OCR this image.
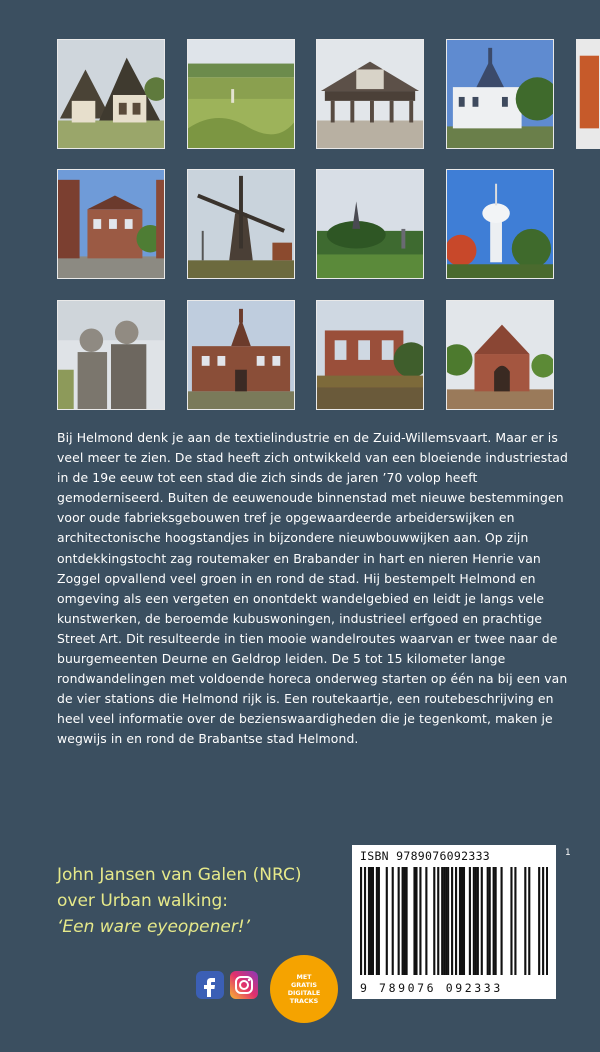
Bij Helmond denk je aan de textielindustrie en de Zuid-Willemsvaart. Maar er is veel meer te zien. De stad heeft zich ontwikkeld van een bloeiende industriestad in de 19e eeuw tot een stad die zich sinds de jaren ’70 volop heeft gemoderniseerd. Buiten de eeuwenoude binnenstad met nieuwe bestemmingen voor oude fabrieksgebouwen tref je opgewaardeerde arbeiderswijken en architectonische hoogstandjes in bijzondere nieuwbouwwijken aan. Op zijn ontdekkingstocht zag routemaker en Brabander in hart en nieren Henrie van Zoggel opvallend veel groen in en rond de stad. Hij bestempelt Helmond en omgeving als een vergeten en onontdekt wandelgebied en leidt je langs vele kunstwerken, de beroemde kubuswoningen, industrieel erfgoed en prachtige Street Art. Dit resulteerde in tien mooie wandelroutes waarvan er twee naar de buurgemeenten Deurne en Geldrop leiden. De 5 tot 15 kilometer lange rondwandelingen met voldoende horeca onderweg starten op één na bij een van de vier stations die Helmond rijk is. Een routekaartje, een routebeschrijving en heel veel informatie over de bezienswaardigheden die je tegenkomt, maken je wegwijs in en rond de Brabantse stad Helmond.
John Jansen van Galen (NRC)
over Urban walking:
‘Een ware eyeopener!’
MET
GRATIS
DIGITALE
TRACKS
ISBN 9789076092333
9 789076 092333
1
